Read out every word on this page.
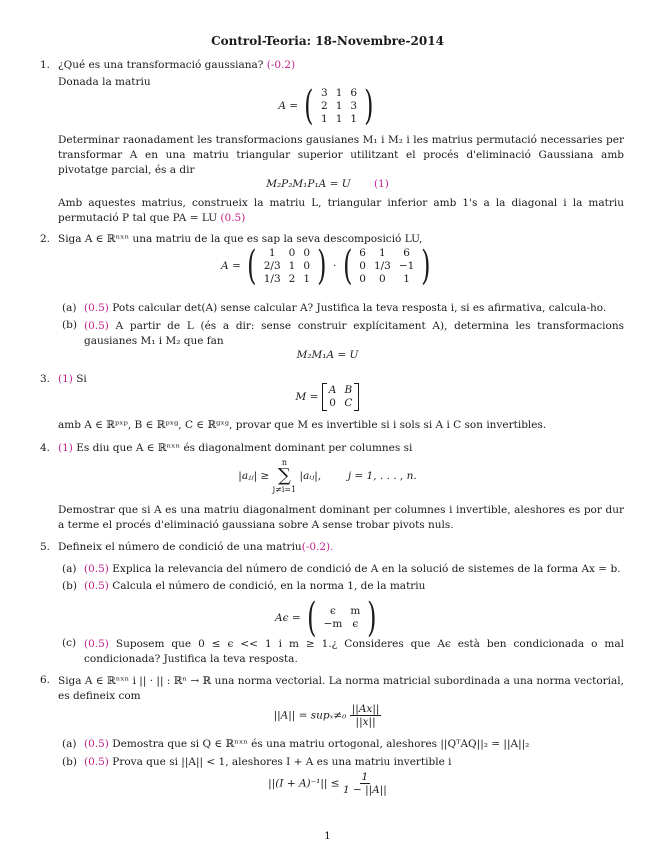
Control-Teoria: 18-Novembre-2014
1. ¿Qué es una transformació gaussiana? (-0.2)
Donada la matriu
A = ( 3	1	6
2	1	3
1	1	1 )
Determinar raonadament les transformacions gausianes M₁ i M₂ i les matrius permutació necessaries per transformar A en una matriu triangular superior utilitzant el procés d'eliminació Gaussiana amb pivotatge parcial, és a dir
M₂P₂M₁P₁A = U (1)
Amb aquestes matrius, construeix la matriu L, triangular inferior amb 1's a la diagonal i la matriu permutació P tal que PA = LU (0.5)
2. Siga A ∈ ℝⁿˣⁿ una matriu de la que es sap la seva descomposició LU,
A = ( 1	0	0
2/3	1	0
1/3	2	1 ) · ( 6	1	6
0	1/3	−1
0	0	1 )
(a) (0.5) Pots calcular det(A) sense calcular A? Justifica la teva resposta i, si es afirmativa, calcula-ho.
(b) (0.5) A partir de L (és a dir: sense construir explícitament A), determina les transformacions gausianes M₁ i M₂ que fan
M₂M₁A = U
3. (1) Si
M =
A	B
0	C
amb A ∈ ℝᵖˣᵖ, B ∈ ℝᵖˣᵍ, C ∈ ℝᵍˣᵍ, provar que M es invertible si i sols si A i C son invertibles.
4. (1) Es diu que A ∈ ℝⁿˣⁿ és diagonalment dominant per columnes si
|aⱼⱼ| ≥
n
∑
j≠i=1
|aᵢⱼ|,	j = 1, . . . , n.
Demostrar que si A es una matriu diagonalment dominant per columnes i invertible, aleshores es por dur a terme el procés d'eliminació gaussiana sobre A sense trobar pivots nuls.
5. Defineix el número de condició de una matriu(-0.2).
(a) (0.5) Explica la relevancia del número de condició de A en la solució de sistemes de la forma Ax = b.
(b) (0.5) Calcula el número de condició, en la norma 1, de la matriu
Aϵ = ( ϵ	m
−m	ϵ )
(c) (0.5) Suposem que 0 ≤ ϵ << 1 i m ≥ 1.¿ Consideres que Aϵ està ben condicionada o mal condicionada? Justifica la teva resposta.
6. Siga A ∈ ℝⁿˣⁿ i || · || : ℝⁿ → ℝ una norma vectorial. La norma matricial subordinada a una norma vectorial, es defineix com
$||A|| = sup_x\ne_0 \frac{||Ax||}{||x||}$
(a) (0.5) Demostra que si Q ∈ ℝⁿˣⁿ és una matriu ortogonal, aleshores ||QᵀAQ||₂ = ||A||₂
(b) (0.5) Prova que si ||A|| < 1, aleshores I + A es una matriu invertible i
$||(I + A)^{-1}|| \le \frac{1}{1 - ||A||}$
1
